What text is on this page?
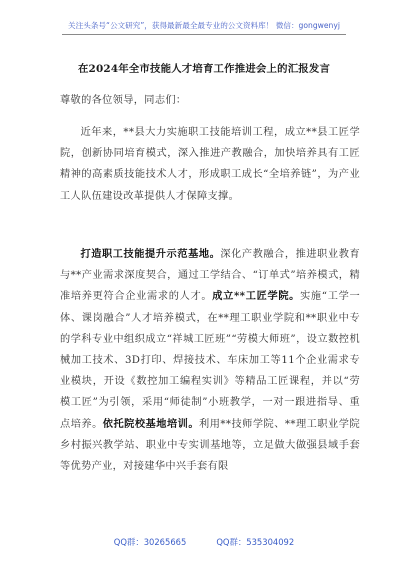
关注头条号“公文研究”，获得最新最全最专业的公文资料库！ 微信：gongwenyj
在2024年全市技能人才培育工作推进会上的汇报发言
尊敬的各位领导，同志们：
近年来，**县大力实施职工技能培训工程，成立**县工匠学院，创新协同培育模式，深入推进产教融合，加快培养具有工匠精神的高素质技能技术人才，形成职工成长“全培养链”，为产业工人队伍建设改革提供人才保障支撑。
打造职工技能提升示范基地。深化产教融合，推进职业教育与**产业需求深度契合，通过工学结合、“订单式”培养模式，精准培养更符合企业需求的人才。成立**工匠学院。实施“工学一体、课岗融合”人才培养模式，在**理工职业学院和**职业中专的学科专业中组织成立“祥城工匠班”“劳模大师班”，设立数控机械加工技术、3D打印、焊接技术、车床加工等11个企业需求专业模块，开设《数控加工编程实训》等精品工匠课程，并以“劳模工匠”为引领，采用“师徒制”小班教学，一对一跟进指导、重点培养。依托院校基地培训。利用**技师学院、**理工职业学院乡村振兴教学站、职业中专实训基地等，立足做大做强县域手套等优势产业，对接建华中兴手套有限
QQ群：30265665	QQ群：535304092
